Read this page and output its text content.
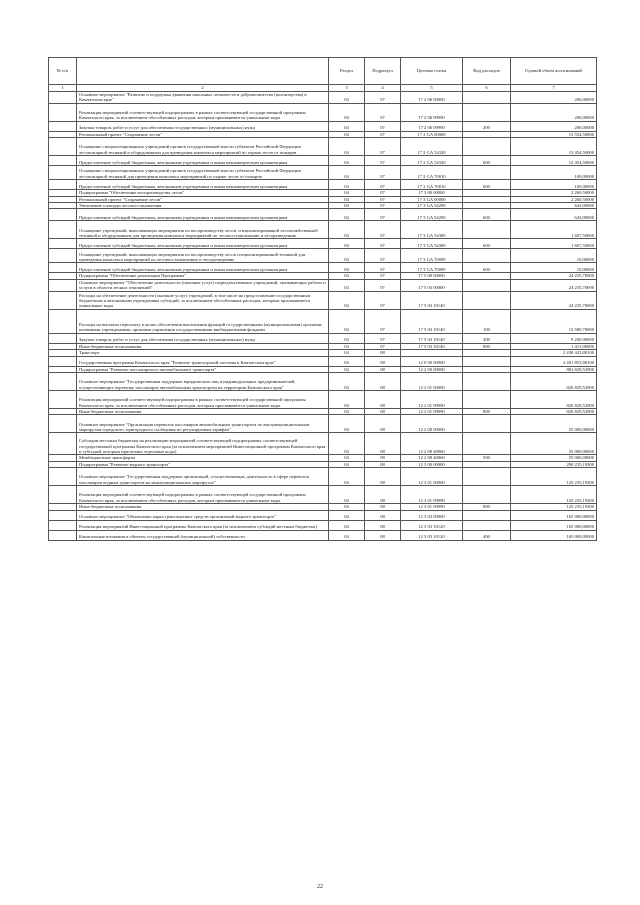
№ п/п		Раздел	Подраздел	Целевая статья	Вид расходов	Годовой объем ассигнований
1	2	3	4	5	6	7
	Основное мероприятие "Развитие и поддержка движения школьных лесничеств и добровольчества (волонтерства) в Камчатском крае"	04	07	17 2 06 00000		206,00000
	Реализация мероприятий соответствующей подпрограммы в рамках соответствующей государственной программы Камчатского края, за исключением обособленных расходов, которым присваиваются уникальные коды	04	07	17 2 06 09990		206,00000
	Закупка товаров, работ и услуг для обеспечения государственных (муниципальных) нужд	04	07	17 2 06 09990	200	206,00000
	Региональный проект "Сохранение лесов"	04	07	17 2 GA 00000		13 554,50000
	Оснащение специализированных учреждений органов государственной власти субъектов Российской Федерации лесопожарной техникой и оборудованием для проведения комплекса мероприятий по охране лесов от пожаров	04	07	17 2 GA 54320		13 454,50000
	Предоставление субсидий бюджетным, автономным учреждениям и иным некоммерческим организациям	04	07	17 2 GA 54320	600	13 454,50000
	Оснащение специализированных учреждений органов государственной власти субъектов Российской Федерации лесопожарной техникой для проведения комплекса мероприятий по охране лесов от пожаров	04	07	17 2 GA 70010		100,00000
	Предоставление субсидий бюджетным, автономным учреждениям и иным некоммерческим организациям	04	07	17 2 GA 70010	600	100,00000
	Подпрограмма "Обеспечение воспроизводства лесов"	04	07	17 3 00 00000		2 260,50000
	Региональный проект "Сохранение лесов"	04	07	17 3 GA 00000		2 260,50000
	Увеличение площади лесовосстановления	04	07	17 3 GA 54290		643,00000
	Предоставление субсидий бюджетным, автономным учреждениям и иным некоммерческим организациям	04	07	17 3 GA 54290	600	643,00000
	Оснащение учреждений, выполняющих мероприятия по воспроизводству лесов, специализированной лесохозяйственной техникой и оборудованием для проведения комплекса мероприятий по лесовосстановлению и лесоразведению	04	07	17 3 GA 54300		1 607,50000
	Предоставление субсидий бюджетным, автономным учреждениям и иным некоммерческим организациям	04	07	17 3 GA 54300	600	1 607,50000
	Оснащение учреждений, выполняющих мероприятия по воспроизводству лесов специализированной техникой для проведения комплекса мероприятий по лесовосстановлению и лесоразведению	04	07	17 3 GA 70009		10,00000
	Предоставление субсидий бюджетным, автономным учреждениям и иным некоммерческим организациям	04	07	17 3 GA 70009	600	10,00000
	Подпрограмма "Обеспечение реализации Программы"	04	07	17 5 00 00000		24 235,70000
	Основное мероприятие "Обеспечение деятельности (оказание услуг) подведомственных учреждений, оказывающих работы и услуги в области лесных отношений"	04	07	17 5 03 00000		24 235,70000
	Расходы на обеспечение деятельности (оказание услуг) учреждений, в том числе на предоставление государственным бюджетным и автономным учреждениям субсидий, за исключением обособленных расходов, которым присваиваются уникальные коды	04	07	17 5 03 10140		24 235,70000
	Расходы на выплаты персоналу в целях обеспечения выполнения функций государственными (муниципальными) органами, казенными учреждениями, органами управления государственными внебюджетными фондами	04	07	17 5 03 10140	100	13 580,70000
	Закупка товаров, работ и услуг для обеспечения государственных (муниципальных) нужд	04	07	17 5 03 10140	200	9 240,00000
	Иные бюджетные ассигнования	04	07	17 5 03 10140	800	1 415,00000
	Транспорт	04	08			2 438 443,88100
	Государственная программа Камчатского края "Развитие транспортной системы в Камчатском крае"	04	08	12 0 00 00000		2 401 853,88100
	Подпрограмма "Развитие пассажирского автомобильного транспорта"	04	08	12 2 00 00000		881 829,52900
	Основное мероприятие "Государственная поддержка юридических лиц и индивидуальных предпринимателей, осуществляющих перевозку пассажиров автомобильным транспортом на территории Камчатского края"	04	08	12 2 01 00000		826 829,52900
	Реализация мероприятий соответствующей подпрограммы в рамках соответствующей государственной программы Камчатского края, за исключением обособленных расходов, которым присваиваются уникальные коды	04	08	12 2 01 09990		826 829,52900
	Иные бюджетные ассигнования	04	08	12 2 01 09990	800	826 829,52900
	Основное мероприятие "Организация перевозок пассажиров автомобильным транспортом по внутримуниципальным маршрутам городского, пригородного сообщения по регулируемым тарифам"	04	08	12 2 08 00000		55 000,00000
	Субсидии местным бюджетам на реализацию мероприятий соответствующей подпрограммы соответствующей государственной программы Камчатского края (за исключением мероприятий Инвестиционной программы Камчатского края и субсидий, которым присвоены отдельные коды)	04	08	12 2 08 40060		55 000,00000
	Межбюджетные трансферты	04	08	12 2 08 40060	500	55 000,00000
	Подпрограмма "Развитие водного транспорта"	04	08	12 3 00 00000		290 235,19300
	Основное мероприятие "Государственная поддержка организаций, осуществляющих деятельность в сфере перевозок пассажиров водным транспортом на межмуниципальных маршрутах"	04	08	12 3 01 00000		125 235,19300
	Реализация мероприятий соответствующей подпрограммы в рамках соответствующей государственной программы Камчатского края, за исключением обособленных расходов, которым присваиваются уникальные коды	04	08	12 3 01 09990		125 235,19300
	Иные бюджетные ассигнования	04	08	12 3 01 09990	800	125 235,19300
	Основное мероприятие "Обновление парка транспортных средств организаций водного транспорта"	04	08	12 3 03 00000		165 000,00000
	Реализация мероприятий Инвестиционной программы Камчатского края (за исключением субсидий местным бюджетам)	04	08	12 3 03 10120		165 000,00000
	Капитальные вложения в объекты государственной (муниципальной) собственности	04	08	12 3 03 10120	400	165 000,00000
22
